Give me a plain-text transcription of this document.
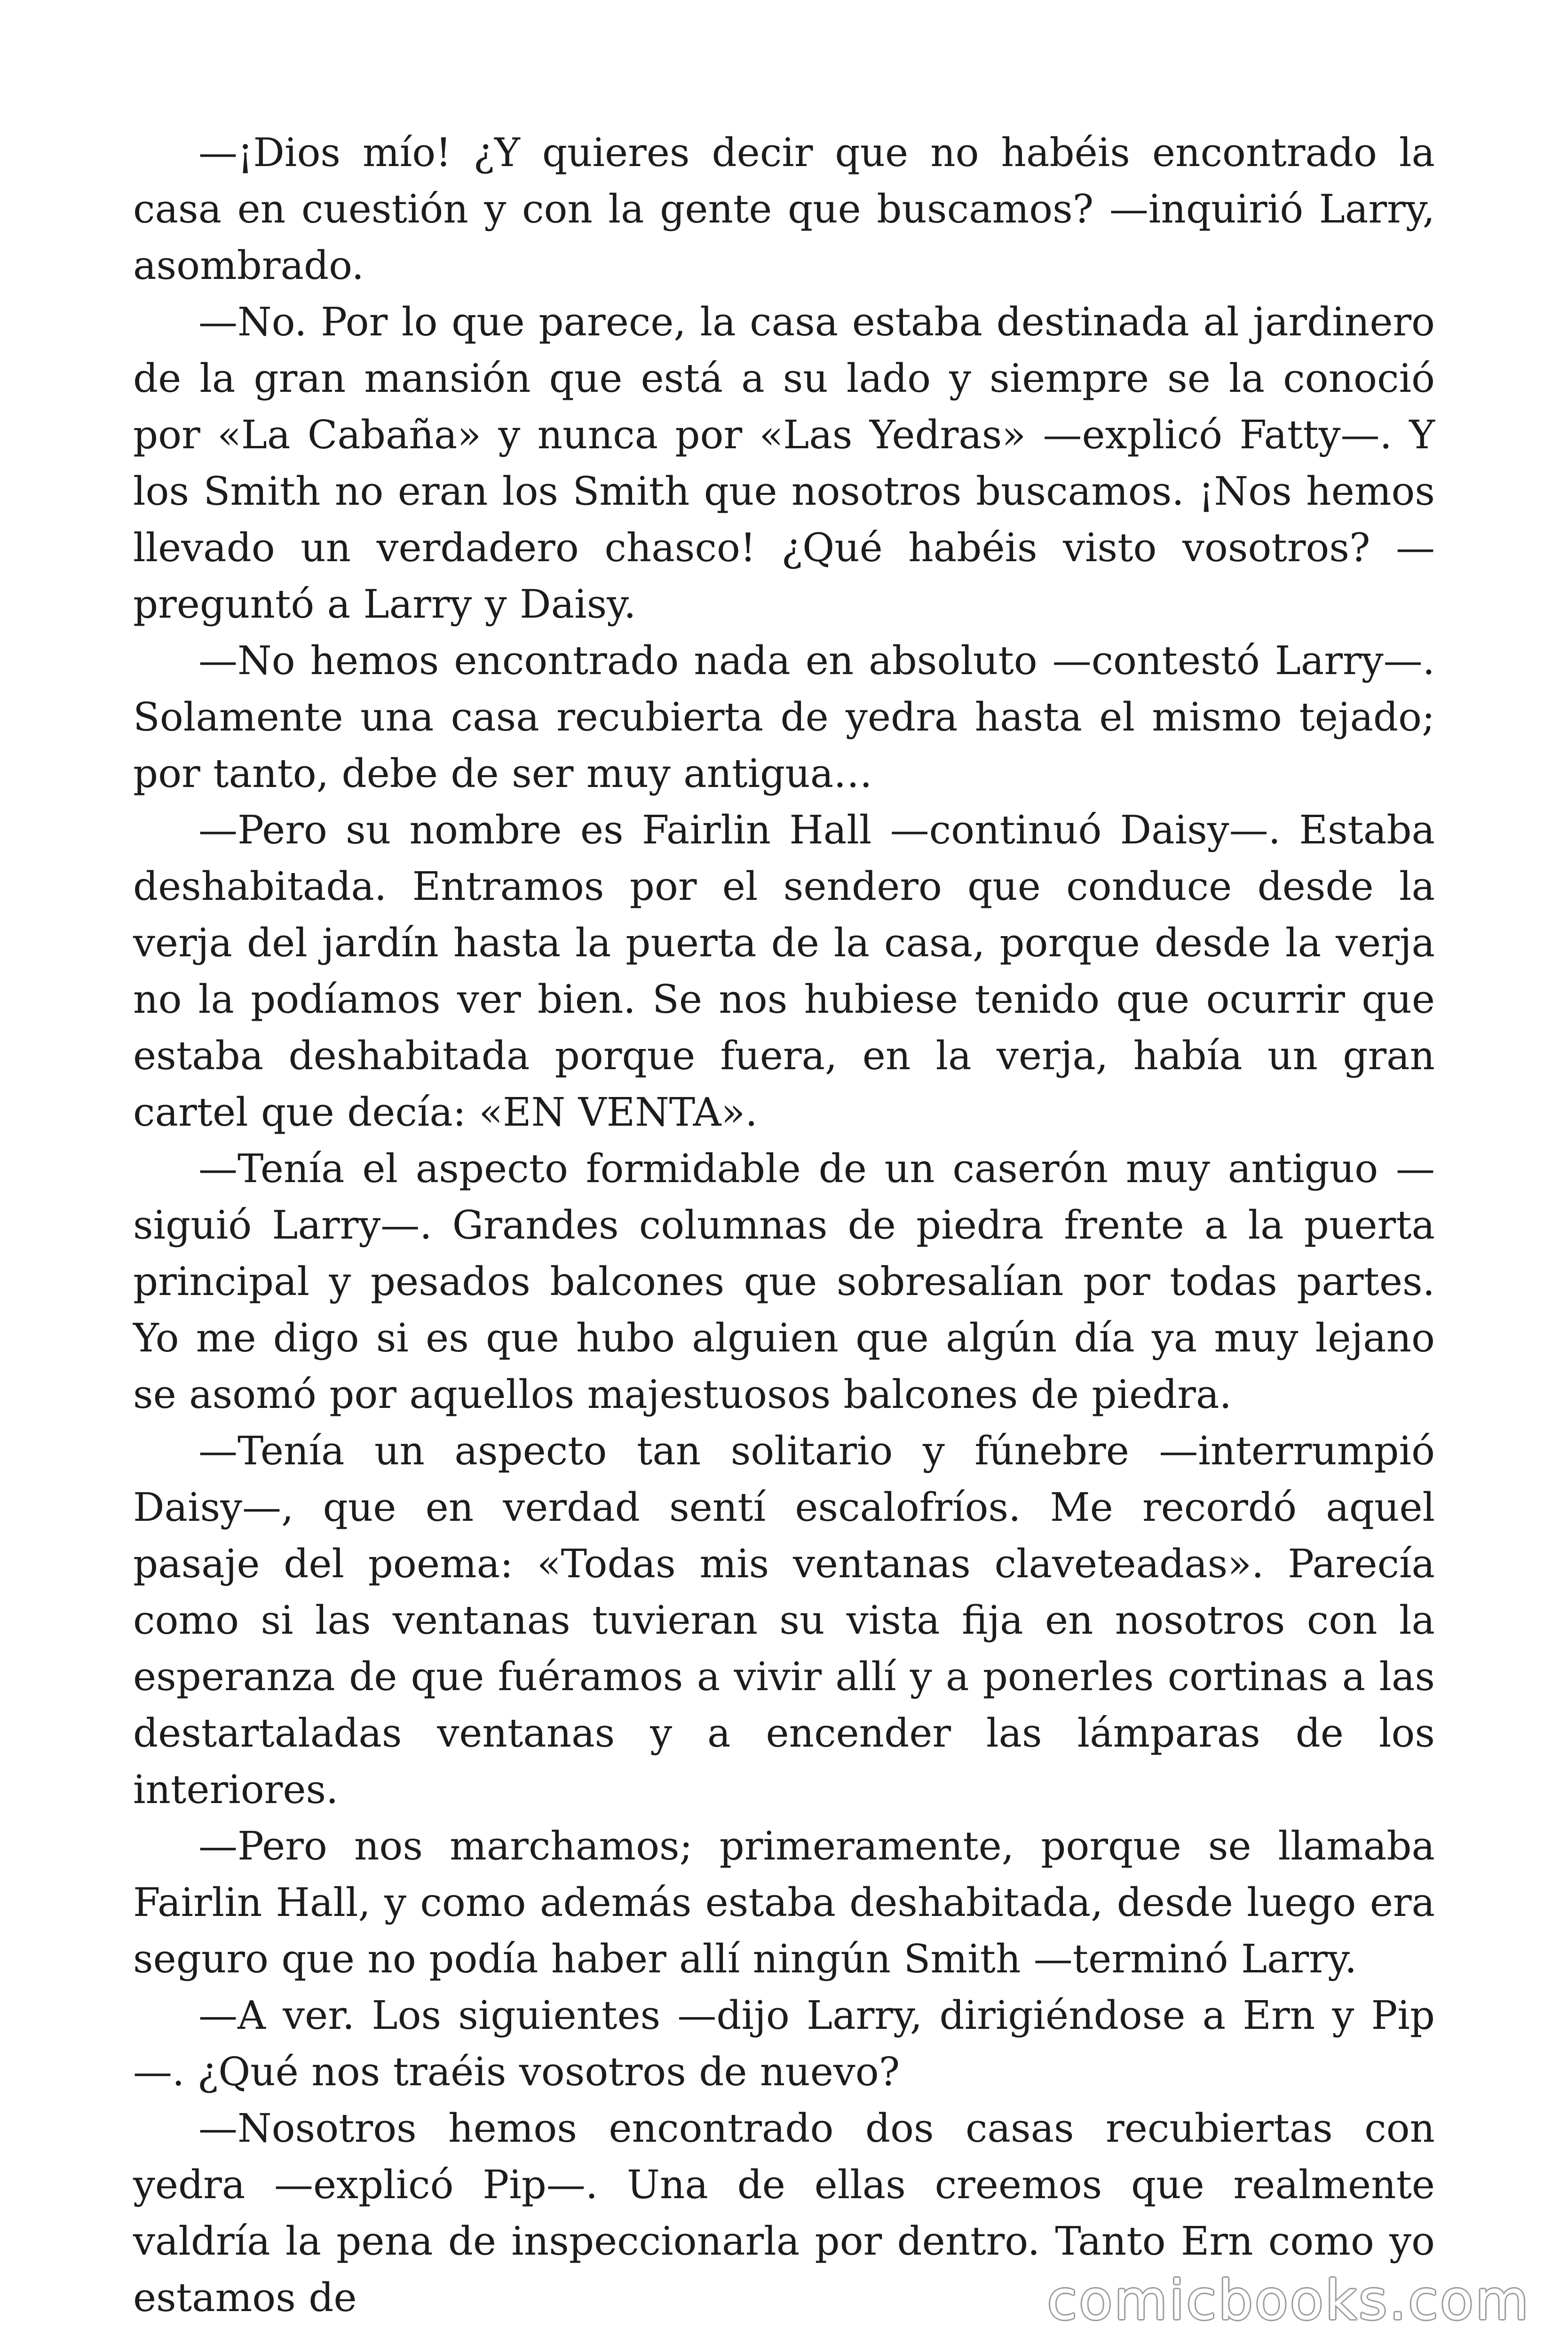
—¡Dios mío! ¿Y quieres decir que no habéis encontrado la casa en cuestión y con la gente que buscamos? —inquirió Larry, asombrado.

—No. Por lo que parece, la casa estaba destinada al jardinero de la gran mansión que está a su lado y siempre se la conoció por «La Cabaña» y nunca por «Las Yedras» —explicó Fatty—. Y los Smith no eran los Smith que nosotros buscamos. ¡Nos hemos llevado un verdadero chasco! ¿Qué habéis visto vosotros? —preguntó a Larry y Daisy.

—No hemos encontrado nada en absoluto —contestó Larry—. Solamente una casa recubierta de yedra hasta el mismo tejado; por tanto, debe de ser muy antigua…

—Pero su nombre es Fairlin Hall —continuó Daisy—. Estaba deshabitada. Entramos por el sendero que conduce desde la verja del jardín hasta la puerta de la casa, porque desde la verja no la podíamos ver bien. Se nos hubiese tenido que ocurrir que estaba deshabitada porque fuera, en la verja, había un gran cartel que decía: «EN VENTA».

—Tenía el aspecto formidable de un caserón muy antiguo —siguió Larry—. Grandes columnas de piedra frente a la puerta principal y pesados balcones que sobresalían por todas partes. Yo me digo si es que hubo alguien que algún día ya muy lejano se asomó por aquellos majestuosos balcones de piedra.

—Tenía un aspecto tan solitario y fúnebre —interrumpió Daisy—, que en verdad sentí escalofríos. Me recordó aquel pasaje del poema: «Todas mis ventanas claveteadas». Parecía como si las ventanas tuvieran su vista fija en nosotros con la esperanza de que fuéramos a vivir allí y a ponerles cortinas a las destartaladas ventanas y a encender las lámparas de los interiores.

—Pero nos marchamos; primeramente, porque se llamaba Fairlin Hall, y como además estaba deshabitada, desde luego era seguro que no podía haber allí ningún Smith —terminó Larry.

—A ver. Los siguientes —dijo Larry, dirigiéndose a Ern y Pip—. ¿Qué nos traéis vosotros de nuevo?

—Nosotros hemos encontrado dos casas recubiertas con yedra —explicó Pip—. Una de ellas creemos que realmente valdría la pena de inspeccionarla por dentro. Tanto Ern como yo estamos de	comicbooks.com
